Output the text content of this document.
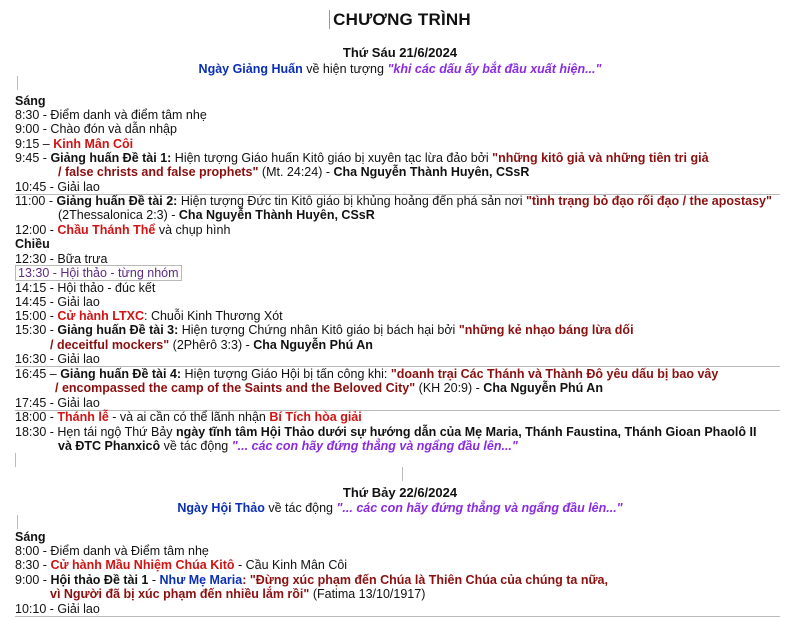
CHƯƠNG TRÌNH
Thứ Sáu 21/6/2024
Ngày Giảng Huấn về hiện tượng "khi các dấu ấy bắt đầu xuất hiện..."
Sáng
8:30 - Điểm danh và điểm tâm nhẹ
9:00 - Chào đón và dẫn nhập
9:15 – Kinh Mân Côi
9:45 - Giảng huấn Đề tài 1: Hiện tượng Giáo huấn Kitô giáo bị xuyên tạc lừa đảo bởi "những kitô giả và những tiên tri giả
/ false christs and false prophets" (Mt. 24:24) - Cha Nguyễn Thành Huyên, CSsR
10:45 - Giải lao
11:00 - Giảng huấn Đề tài 2: Hiện tượng Đức tin Kitô giáo bị khủng hoảng đến phá sản nơi "tình trạng bỏ đạo rối đạo / the apostasy"
(2Thessalonica 2:3) - Cha Nguyễn Thành Huyên, CSsR
12:00 - Chầu Thánh Thể và chụp hình
Chiều
12:30 - Bữa trưa
13:30 - Hội thảo - từng nhóm
14:15 - Hội thảo - đúc kết
14:45 - Giải lao
15:00 - Cử hành LTXC: Chuỗi Kinh Thương Xót
15:30 - Giảng huấn Đề tài 3: Hiện tượng Chứng nhân Kitô giáo bị bách hại bởi "những kẻ nhạo báng lừa dối
/ deceitful mockers" (2Phêrô 3:3) - Cha Nguyễn Phú An
16:30 - Giải lao
16:45 – Giảng huấn Đề tài 4: Hiện tượng Giáo Hội bị tấn công khi: "doanh trại Các Thánh và Thành Đô yêu dấu bị bao vây
/ encompassed the camp of the Saints and the Beloved City" (KH 20:9) - Cha Nguyễn Phú An
17:45 - Giải lao
18:00 - Thánh lễ - và ai cần có thể lãnh nhận Bí Tích hòa giải
18:30 - Hẹn tái ngộ Thứ Bảy ngày tĩnh tâm Hội Thảo dưới sự hướng dẫn của Mẹ Maria, Thánh Faustina, Thánh Gioan Phaolô II
và ĐTC Phanxicô về tác động "... các con hãy đứng thẳng và ngẩng đầu lên..."
Thứ Bảy 22/6/2024
Ngày Hội Thảo về tác động "... các con hãy đứng thẳng và ngẩng đầu lên..."
Sáng
8:00 - Điểm danh và Điểm tâm nhẹ
8:30 - Cử hành Mầu Nhiệm Chúa Kitô - Cầu Kinh Mân Côi
9:00 - Hội thảo Đề tài 1 - Như Mẹ Maria: "Đừng xúc phạm đến Chúa là Thiên Chúa của chúng ta nữa,
vì Người đã bị xúc phạm đến nhiều lắm rồi" (Fatima 13/10/1917)
10:10 - Giải lao
